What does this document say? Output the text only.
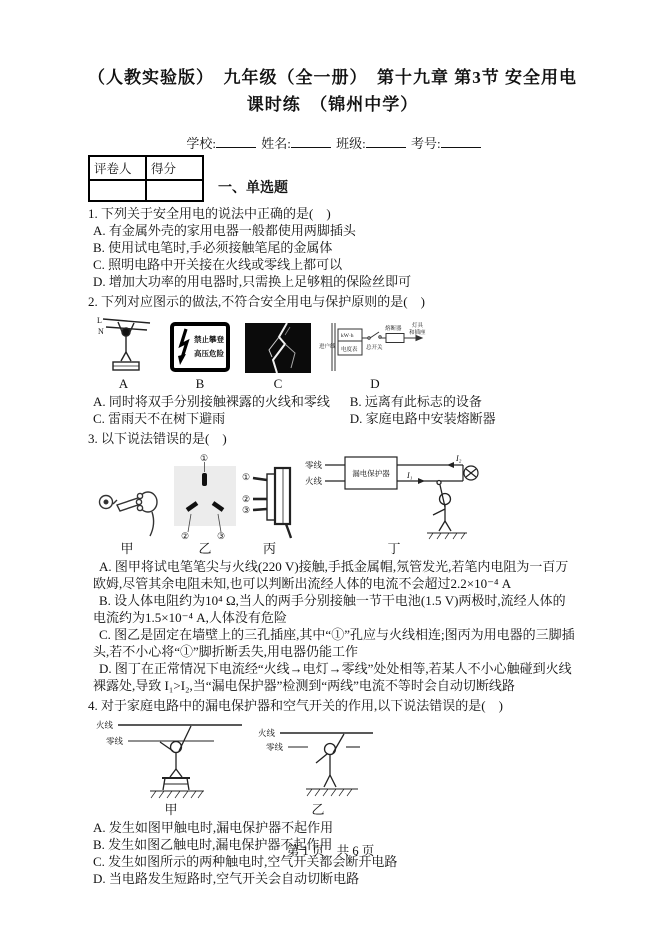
（人教实验版）　九年级（全一册）　第十九章 第3节 安全用电
课时练　（锦州中学）
学校:	姓名:	班级:	考号:
评卷人	得分

一、单选题
1. 下列关于安全用电的说法中正确的是(　)
A. 有金属外壳的家用电器一般都使用两脚插头
B. 使用试电笔时,手必须接触笔尾的金属体
C. 照明电路中开关接在火线或零线上都可以
D. 增加大功率的用电器时,只需换上足够粗的保险丝即可
2. 下列对应图示的做法,不符合安全用电与保护原则的是(　)
L
N
禁止攀登
高压危险
进户线
kW·h
电度表 总开关
熔断器 灯具
和插座
A	B	C	D
A. 同时将双手分别接触裸露的火线和零线	B. 远离有此标志的设备
C. 雷雨天不在树下避雨	D. 家庭电路中安装熔断器
3. 以下说法错误的是(　)
甲
①
②	③
乙
①
②
③
丙
零线
火线
漏电保护器
I₂
I₁
丁
A. 图甲将试电笔笔尖与火线(220 V)接触,手抵金属帽,氖管发光,若笔内电阻为一百万欧姆,尽管其余电阻未知,也可以判断出流经人体的电流不会超过2.2×10⁻⁴ A
B. 设人体电阻约为10⁴ Ω,当人的两手分别接触一节干电池(1.5 V)两极时,流经人体的电流约为1.5×10⁻⁴ A,人体没有危险
C. 图乙是固定在墙壁上的三孔插座,其中“①”孔应与火线相连;图丙为用电器的三脚插头,若不小心将“①”脚折断丢失,用电器仍能工作
D. 图丁在正常情况下电流经“火线→电灯→零线”处处相等,若某人不小心触碰到火线裸露处,导致 I₁>I₂,当“漏电保护器”检测到“两线”电流不等时会自动切断线路
4. 对于家庭电路中的漏电保护器和空气开关的作用,以下说法错误的是(　)
火线
零线
甲
火线
零线
乙
A. 发生如图甲触电时,漏电保护器不起作用
B. 发生如图乙触电时,漏电保护器不起作用
C. 发生如图所示的两种触电时,空气开关都会断开电路
D. 当电路发生短路时,空气开关会自动切断电路
第 1 页　共 6 页
